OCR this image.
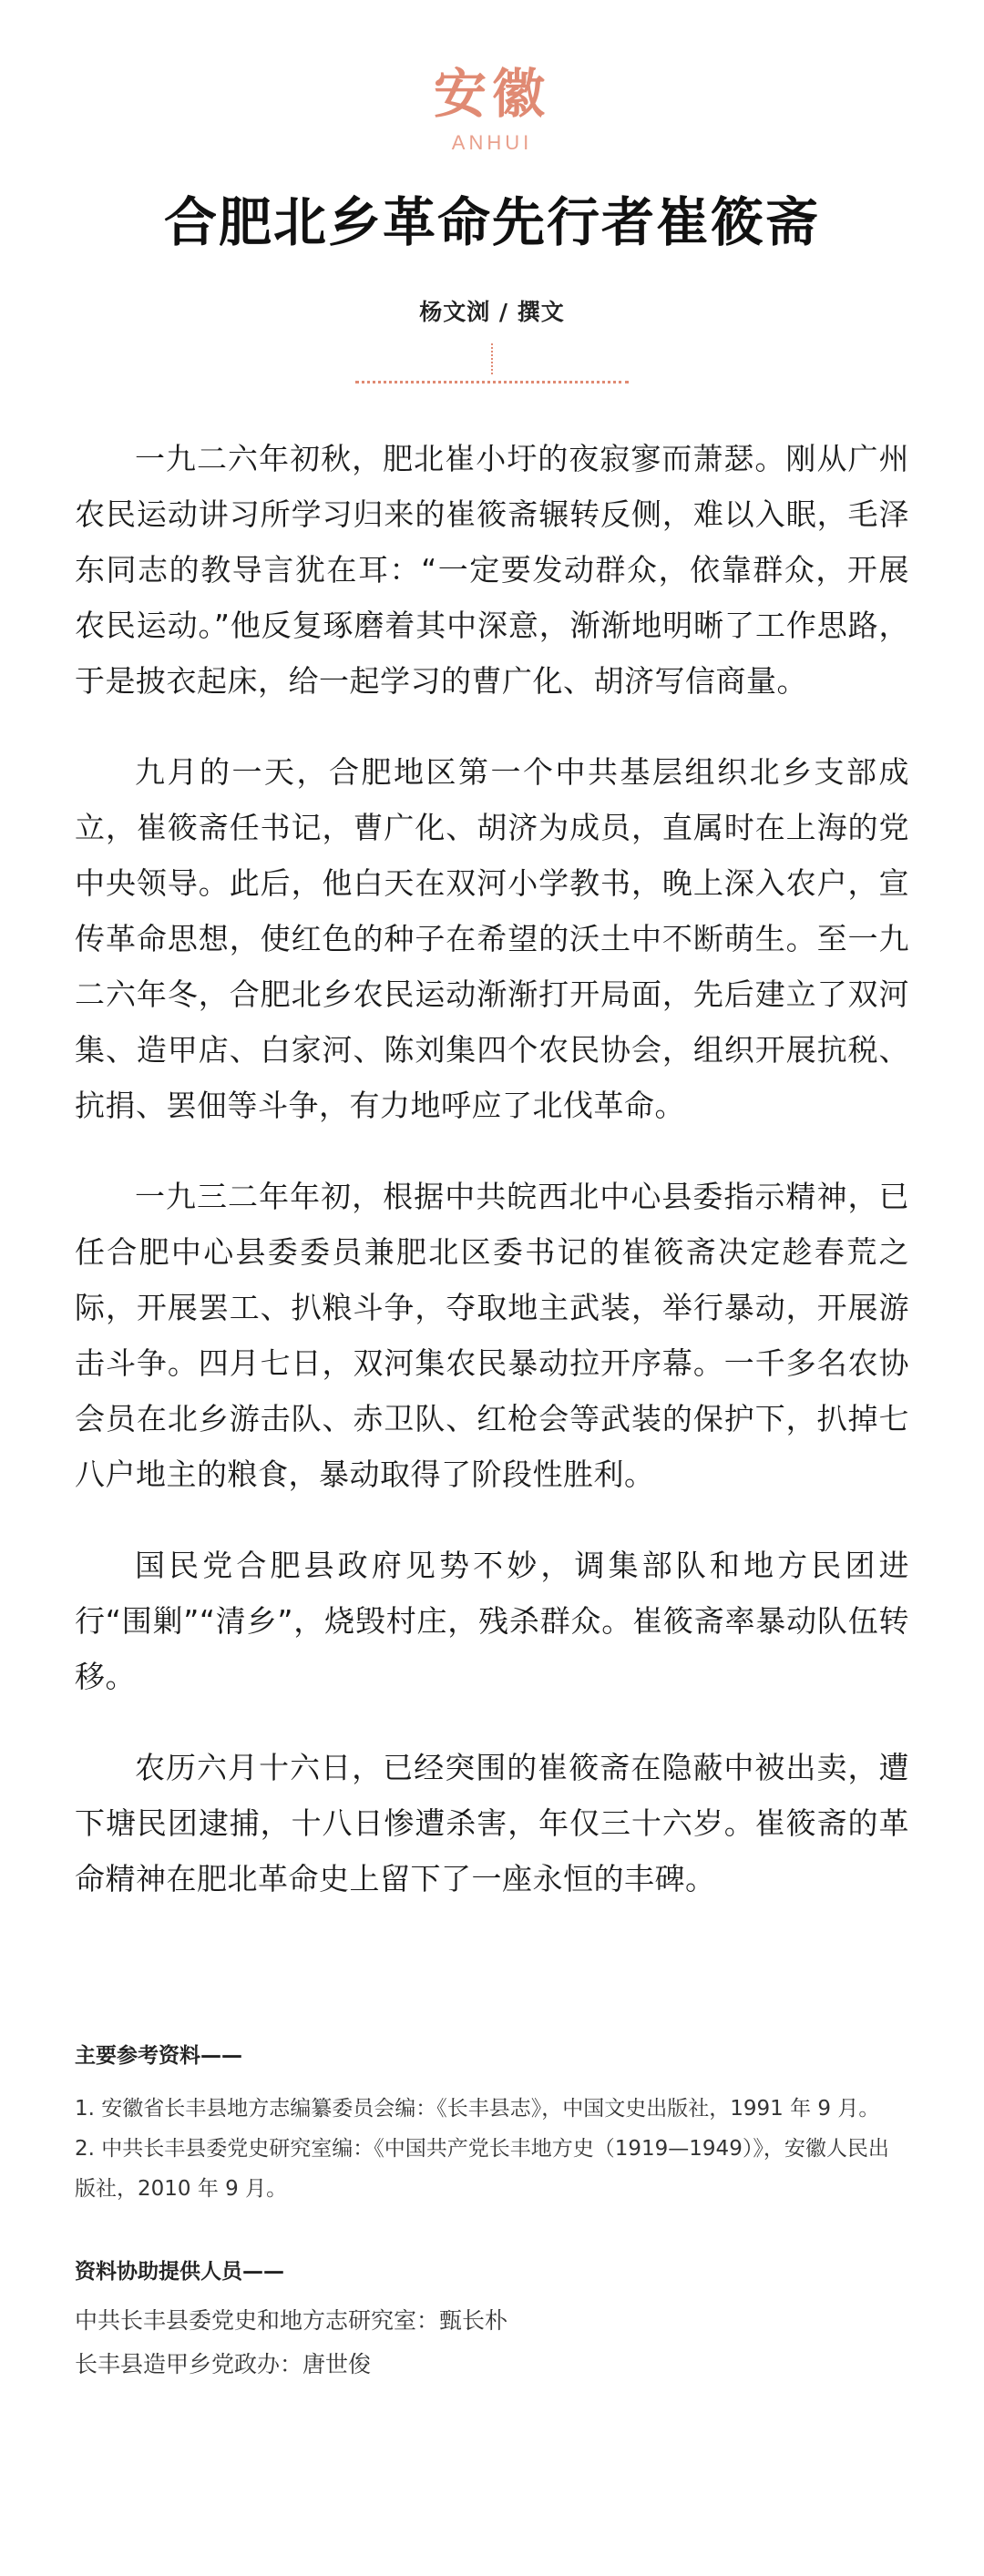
安徽
ANHUI
合肥北乡革命先行者崔筱斋
杨文浏 / 撰文

一九二六年初秋，肥北崔小圩的夜寂寥而萧瑟。刚从广州农民运动讲习所学习归来的崔筱斋辗转反侧，难以入眠，毛泽东同志的教导言犹在耳：“一定要发动群众，依靠群众，开展农民运动。”他反复琢磨着其中深意，渐渐地明晰了工作思路，于是披衣起床，给一起学习的曹广化、胡济写信商量。

九月的一天，合肥地区第一个中共基层组织北乡支部成立，崔筱斋任书记，曹广化、胡济为成员，直属时在上海的党中央领导。此后，他白天在双河小学教书，晚上深入农户，宣传革命思想，使红色的种子在希望的沃土中不断萌生。至一九二六年冬，合肥北乡农民运动渐渐打开局面，先后建立了双河集、造甲店、白家河、陈刘集四个农民协会，组织开展抗税、抗捐、罢佃等斗争，有力地呼应了北伐革命。

一九三二年年初，根据中共皖西北中心县委指示精神，已任合肥中心县委委员兼肥北区委书记的崔筱斋决定趁春荒之际，开展罢工、扒粮斗争，夺取地主武装，举行暴动，开展游击斗争。四月七日，双河集农民暴动拉开序幕。一千多名农协会员在北乡游击队、赤卫队、红枪会等武装的保护下，扒掉七八户地主的粮食，暴动取得了阶段性胜利。

国民党合肥县政府见势不妙，调集部队和地方民团进行“围剿”“清乡”，烧毁村庄，残杀群众。崔筱斋率暴动队伍转移。

农历六月十六日，已经突围的崔筱斋在隐蔽中被出卖，遭下塘民团逮捕，十八日惨遭杀害，年仅三十六岁。崔筱斋的革命精神在肥北革命史上留下了一座永恒的丰碑。

主要参考资料——

1. 安徽省长丰县地方志编纂委员会编：《长丰县志》，中国文史出版社，1991 年 9 月。

2. 中共长丰县委党史研究室编：《中国共产党长丰地方史（1919—1949）》，安徽人民出版社，2010 年 9 月。

资料协助提供人员——
中共长丰县委党史和地方志研究室：甄长朴
长丰县造甲乡党政办：唐世俊
